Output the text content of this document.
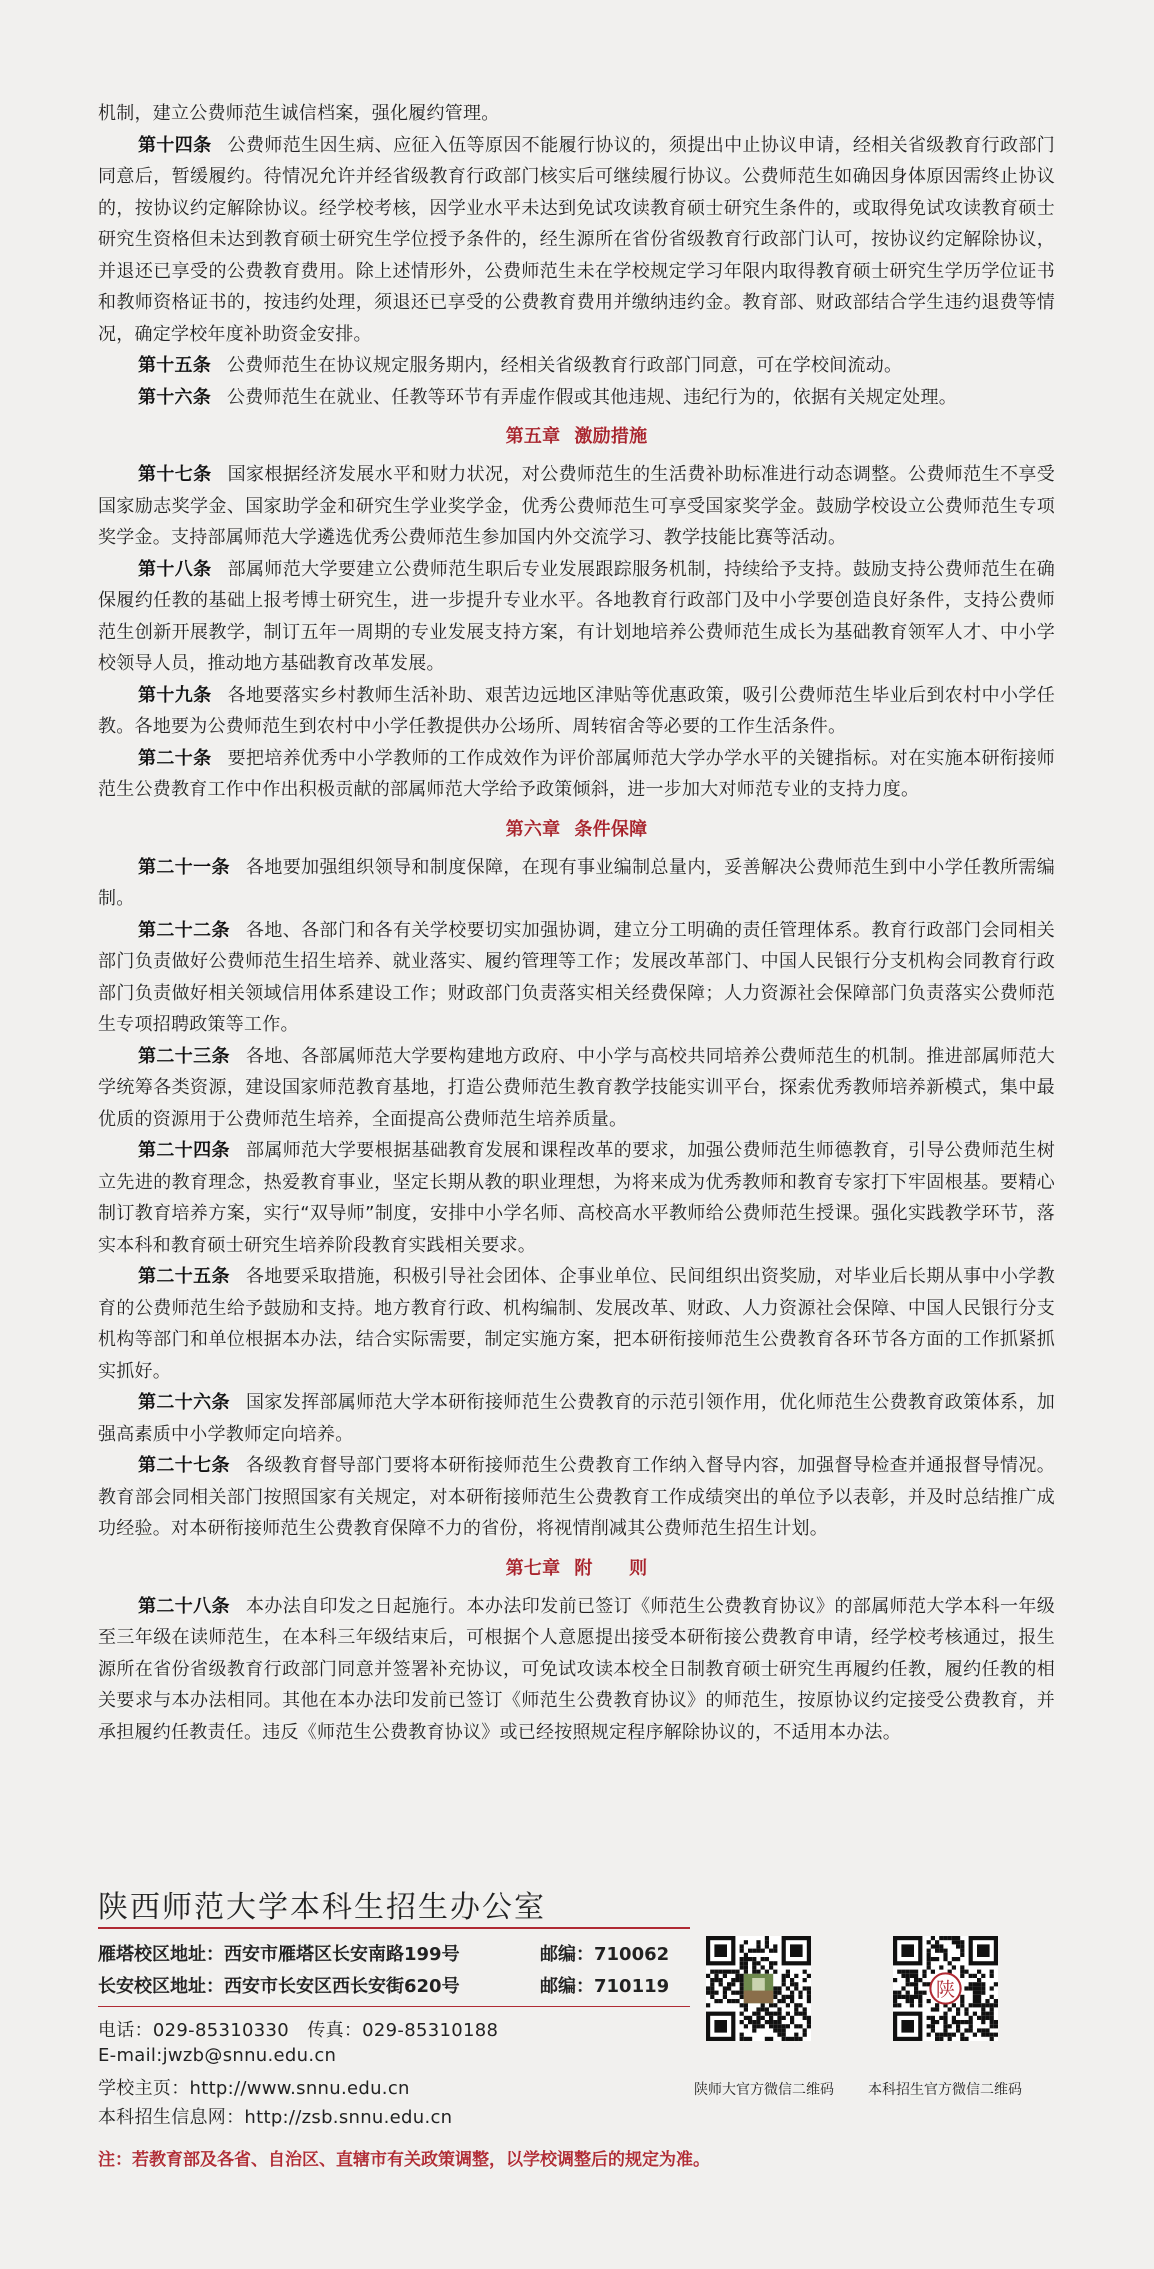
机制，建立公费师范生诚信档案，强化履约管理。

第十四条 公费师范生因生病、应征入伍等原因不能履行协议的，须提出中止协议申请，经相关省级教育行政部门同意后，暂缓履约。待情况允许并经省级教育行政部门核实后可继续履行协议。公费师范生如确因身体原因需终止协议的，按协议约定解除协议。经学校考核，因学业水平未达到免试攻读教育硕士研究生条件的，或取得免试攻读教育硕士研究生资格但未达到教育硕士研究生学位授予条件的，经生源所在省份省级教育行政部门认可，按协议约定解除协议，并退还已享受的公费教育费用。除上述情形外，公费师范生未在学校规定学习年限内取得教育硕士研究生学历学位证书和教师资格证书的，按违约处理，须退还已享受的公费教育费用并缴纳违约金。教育部、财政部结合学生违约退费等情况，确定学校年度补助资金安排。

第十五条 公费师范生在协议规定服务期内，经相关省级教育行政部门同意，可在学校间流动。

第十六条 公费师范生在就业、任教等环节有弄虚作假或其他违规、违纪行为的，依据有关规定处理。

第五章 激励措施

第十七条 国家根据经济发展水平和财力状况，对公费师范生的生活费补助标准进行动态调整。公费师范生不享受国家励志奖学金、国家助学金和研究生学业奖学金，优秀公费师范生可享受国家奖学金。鼓励学校设立公费师范生专项奖学金。支持部属师范大学遴选优秀公费师范生参加国内外交流学习、教学技能比赛等活动。

第十八条 部属师范大学要建立公费师范生职后专业发展跟踪服务机制，持续给予支持。鼓励支持公费师范生在确保履约任教的基础上报考博士研究生，进一步提升专业水平。各地教育行政部门及中小学要创造良好条件，支持公费师范生创新开展教学，制订五年一周期的专业发展支持方案，有计划地培养公费师范生成长为基础教育领军人才、中小学校领导人员，推动地方基础教育改革发展。

第十九条 各地要落实乡村教师生活补助、艰苦边远地区津贴等优惠政策，吸引公费师范生毕业后到农村中小学任教。各地要为公费师范生到农村中小学任教提供办公场所、周转宿舍等必要的工作生活条件。

第二十条 要把培养优秀中小学教师的工作成效作为评价部属师范大学办学水平的关键指标。对在实施本研衔接师范生公费教育工作中作出积极贡献的部属师范大学给予政策倾斜，进一步加大对师范专业的支持力度。

第六章 条件保障

第二十一条 各地要加强组织领导和制度保障，在现有事业编制总量内，妥善解决公费师范生到中小学任教所需编制。

第二十二条 各地、各部门和各有关学校要切实加强协调，建立分工明确的责任管理体系。教育行政部门会同相关部门负责做好公费师范生招生培养、就业落实、履约管理等工作；发展改革部门、中国人民银行分支机构会同教育行政部门负责做好相关领域信用体系建设工作；财政部门负责落实相关经费保障；人力资源社会保障部门负责落实公费师范生专项招聘政策等工作。

第二十三条 各地、各部属师范大学要构建地方政府、中小学与高校共同培养公费师范生的机制。推进部属师范大学统筹各类资源，建设国家师范教育基地，打造公费师范生教育教学技能实训平台，探索优秀教师培养新模式，集中最优质的资源用于公费师范生培养，全面提高公费师范生培养质量。

第二十四条 部属师范大学要根据基础教育发展和课程改革的要求，加强公费师范生师德教育，引导公费师范生树立先进的教育理念，热爱教育事业，坚定长期从教的职业理想，为将来成为优秀教师和教育专家打下牢固根基。要精心制订教育培养方案，实行“双导师”制度，安排中小学名师、高校高水平教师给公费师范生授课。强化实践教学环节，落实本科和教育硕士研究生培养阶段教育实践相关要求。

第二十五条 各地要采取措施，积极引导社会团体、企事业单位、民间组织出资奖励，对毕业后长期从事中小学教育的公费师范生给予鼓励和支持。地方教育行政、机构编制、发展改革、财政、人力资源社会保障、中国人民银行分支机构等部门和单位根据本办法，结合实际需要，制定实施方案，把本研衔接师范生公费教育各环节各方面的工作抓紧抓实抓好。

第二十六条 国家发挥部属师范大学本研衔接师范生公费教育的示范引领作用，优化师范生公费教育政策体系，加强高素质中小学教师定向培养。

第二十七条 各级教育督导部门要将本研衔接师范生公费教育工作纳入督导内容，加强督导检查并通报督导情况。教育部会同相关部门按照国家有关规定，对本研衔接师范生公费教育工作成绩突出的单位予以表彰，并及时总结推广成功经验。对本研衔接师范生公费教育保障不力的省份，将视情削减其公费师范生招生计划。

第七章 附　　则

第二十八条 本办法自印发之日起施行。本办法印发前已签订《师范生公费教育协议》的部属师范大学本科一年级至三年级在读师范生，在本科三年级结束后，可根据个人意愿提出接受本研衔接公费教育申请，经学校考核通过，报生源所在省份省级教育行政部门同意并签署补充协议，可免试攻读本校全日制教育硕士研究生再履约任教，履约任教的相关要求与本办法相同。其他在本办法印发前已签订《师范生公费教育协议》的师范生，按原协议约定接受公费教育，并承担履约任教责任。违反《师范生公费教育协议》或已经按照规定程序解除协议的，不适用本办法。

陕西师范大学本科生招生办公室
雁塔校区地址：西安市雁塔区长安南路199号	邮编：710062
长安校区地址：西安市长安区西长安街620号	邮编：710119
电话：029-85310330　传真：029-85310188
E-mail:jwzb@snnu.edu.cn
学校主页：http://www.snnu.edu.cn
本科招生信息网：http://zsb.snnu.edu.cn
陕
陕师大官方微信二维码 本科招生官方微信二维码
注：若教育部及各省、自治区、直辖市有关政策调整，以学校调整后的规定为准。
